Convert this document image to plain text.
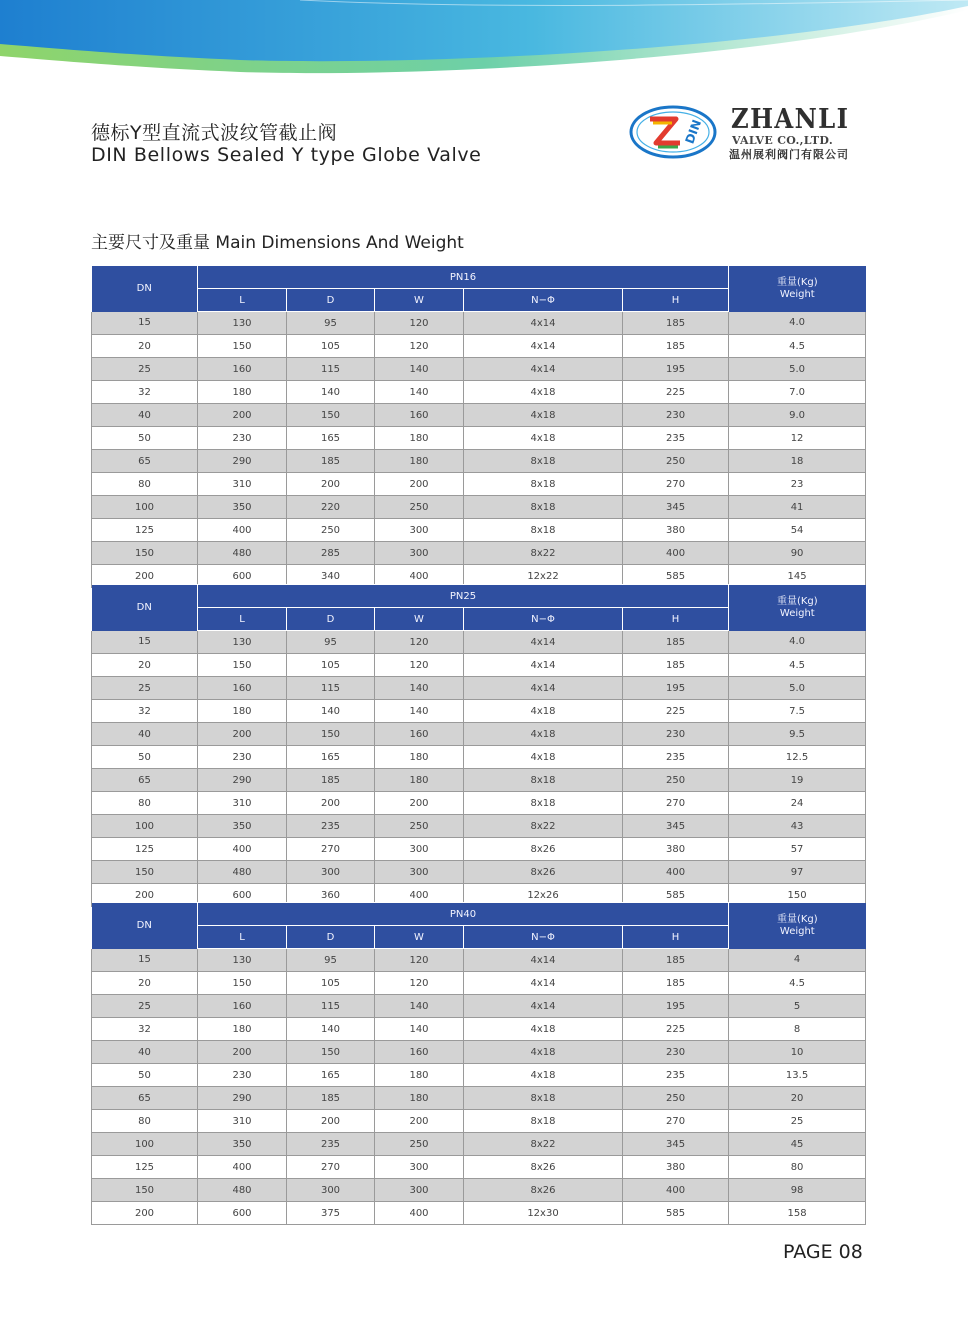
德标Y型直流式波纹管截止阀
DIN Bellows Sealed Y type Globe Valve
DIN ZHANLI
VALVE CO.,LTD.
温州展利阀门有限公司
主要尺寸及重量 Main Dimensions And Weight
DN	PN16					重量(Kg)
Weight

	L	D	W	N−Φ	H	
15	130	95	120	4x14	185	4.0
20	150	105	120	4x14	185	4.5
25	160	115	140	4x14	195	5.0
32	180	140	140	4x18	225	7.0
40	200	150	160	4x18	230	9.0
50	230	165	180	4x18	235	12
65	290	185	180	8x18	250	18
80	310	200	200	8x18	270	23
100	350	220	250	8x18	345	41
125	400	250	300	8x18	380	54
150	480	285	300	8x22	400	90
200	600	340	400	12x22	585	145
DN	PN25					重量(Kg)
Weight

	L	D	W	N−Φ	H	
15	130	95	120	4x14	185	4.0
20	150	105	120	4x14	185	4.5
25	160	115	140	4x14	195	5.0
32	180	140	140	4x18	225	7.5
40	200	150	160	4x18	230	9.5
50	230	165	180	4x18	235	12.5
65	290	185	180	8x18	250	19
80	310	200	200	8x18	270	24
100	350	235	250	8x22	345	43
125	400	270	300	8x26	380	57
150	480	300	300	8x26	400	97
200	600	360	400	12x26	585	150
DN	PN40					重量(Kg)
Weight

	L	D	W	N−Φ	H	
15	130	95	120	4x14	185	4
20	150	105	120	4x14	185	4.5
25	160	115	140	4x14	195	5
32	180	140	140	4x18	225	8
40	200	150	160	4x18	230	10
50	230	165	180	4x18	235	13.5
65	290	185	180	8x18	250	20
80	310	200	200	8x18	270	25
100	350	235	250	8x22	345	45
125	400	270	300	8x26	380	80
150	480	300	300	8x26	400	98
200	600	375	400	12x30	585	158
PAGE 08
